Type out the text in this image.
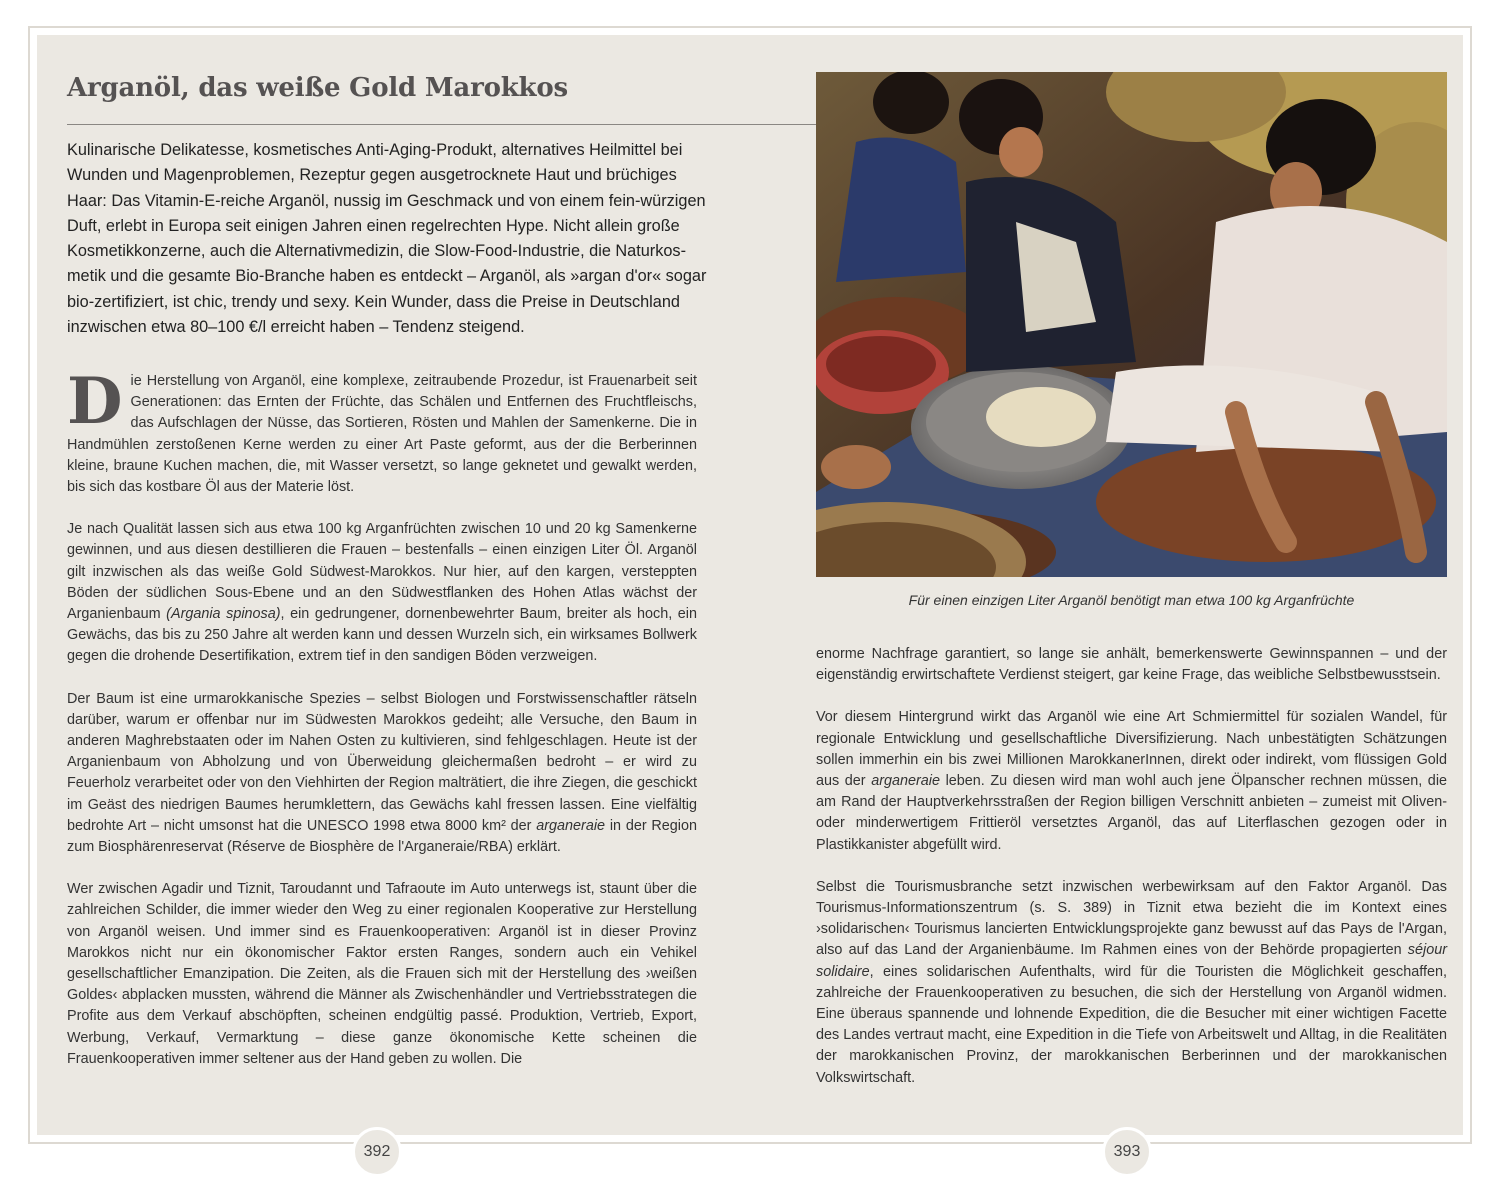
Arganöl, das weiße Gold Marokkos
Kulinarische Delikatesse, kosmetisches Anti-Aging-Produkt, alternatives Heilmittel bei Wunden und Magenproblemen, Rezeptur gegen ausgetrocknete Haut und brüchiges Haar: Das Vitamin-E-reiche Arganöl, nussig im Geschmack und von einem fein-würzigen Duft, erlebt in Europa seit einigen Jahren einen regelrechten Hype. Nicht allein große Kosmetikkonzerne, auch die Alternativmedizin, die Slow-Food-Industrie, die Naturkosmetik und die gesamte Bio-Branche haben es entdeckt – Arganöl, als »argan d'or« sogar bio-zertifiziert, ist chic, trendy und sexy. Kein Wunder, dass die Preise in Deutschland inzwischen etwa 80–100 €/l erreicht haben – Tendenz steigend.

Die Herstellung von Arganöl, eine komplexe, zeitraubende Prozedur, ist Frauenarbeit seit Generationen: das Ernten der Früchte, das Schälen und Entfernen des Fruchtfleischs, das Aufschlagen der Nüsse, das Sortieren, Rösten und Mahlen der Samenkerne. Die in Handmühlen zerstoßenen Kerne werden zu einer Art Paste geformt, aus der die Berberinnen kleine, braune Kuchen machen, die, mit Wasser versetzt, so lange geknetet und gewalkt werden, bis sich das kostbare Öl aus der Materie löst.

Je nach Qualität lassen sich aus etwa 100 kg Arganfrüchten zwischen 10 und 20 kg Samenkerne gewinnen, und aus diesen destillieren die Frauen – bestenfalls – einen einzigen Liter Öl. Arganöl gilt inzwischen als das weiße Gold Südwest-Marokkos. Nur hier, auf den kargen, versteppten Böden der südlichen Sous-Ebene und an den Südwestflanken des Hohen Atlas wächst der Arganienbaum (Argania spinosa), ein gedrungener, dornenbewehrter Baum, breiter als hoch, ein Gewächs, das bis zu 250 Jahre alt werden kann und dessen Wurzeln sich, ein wirksames Bollwerk gegen die drohende Desertifikation, extrem tief in den sandigen Böden verzweigen.

Der Baum ist eine urmarokkanische Spezies – selbst Biologen und Forstwissenschaftler rätseln darüber, warum er offenbar nur im Südwesten Marokkos gedeiht; alle Versuche, den Baum in anderen Maghrebstaaten oder im Nahen Osten zu kultivieren, sind fehlgeschlagen. Heute ist der Arganienbaum von Abholzung und von Überweidung gleichermaßen bedroht – er wird zu Feuerholz verarbeitet oder von den Viehhirten der Region malträtiert, die ihre Ziegen, die geschickt im Geäst des niedrigen Baumes herumklettern, das Gewächs kahl fressen lassen. Eine vielfältig bedrohte Art – nicht umsonst hat die UNESCO 1998 etwa 8000 km² der arganeraie in der Region zum Biosphärenreservat (Réserve de Biosphère de l'Arganeraie/RBA) erklärt.

Wer zwischen Agadir und Tiznit, Taroudannt und Tafraoute im Auto unterwegs ist, staunt über die zahlreichen Schilder, die immer wieder den Weg zu einer regionalen Kooperative zur Herstellung von Arganöl weisen. Und immer sind es Frauenkooperativen: Arganöl ist in dieser Provinz Marokkos nicht nur ein ökonomischer Faktor ersten Ranges, sondern auch ein Vehikel gesellschaftlicher Emanzipation. Die Zeiten, als die Frauen sich mit der Herstellung des ›weißen Goldes‹ abplacken mussten, während die Männer als Zwischenhändler und Vertriebsstrategen die Profite aus dem Verkauf abschöpften, scheinen endgültig passé. Produktion, Vertrieb, Export, Werbung, Verkauf, Vermarktung – diese ganze ökonomische Kette scheinen die Frauenkooperativen immer seltener aus der Hand geben zu wollen. Die

Für einen einzigen Liter Arganöl benötigt man etwa 100 kg Arganfrüchte

enorme Nachfrage garantiert, so lange sie anhält, bemerkenswerte Gewinnspannen – und der eigenständig erwirtschaftete Verdienst steigert, gar keine Frage, das weibliche Selbstbewusstsein.

Vor diesem Hintergrund wirkt das Arganöl wie eine Art Schmiermittel für sozialen Wandel, für regionale Entwicklung und gesellschaftliche Diversifizierung. Nach unbestätigten Schätzungen sollen immerhin ein bis zwei Millionen MarokkanerInnen, direkt oder indirekt, vom flüssigen Gold aus der arganeraie leben. Zu diesen wird man wohl auch jene Ölpanscher rechnen müssen, die am Rand der Hauptverkehrsstraßen der Region billigen Verschnitt anbieten – zumeist mit Oliven- oder minderwertigem Frittieröl versetztes Arganöl, das auf Literflaschen gezogen oder in Plastikkanister abgefüllt wird.

Selbst die Tourismusbranche setzt inzwischen werbewirksam auf den Faktor Arganöl. Das Tourismus-Informationszentrum (s. S. 389) in Tiznit etwa bezieht die im Kontext eines ›solidarischen‹ Tourismus lancierten Entwicklungsprojekte ganz bewusst auf das Pays de l'Argan, also auf das Land der Arganienbäume. Im Rahmen eines von der Behörde propagierten séjour solidaire, eines solidarischen Aufenthalts, wird für die Touristen die Möglichkeit geschaffen, zahlreiche der Frauenkooperativen zu besuchen, die sich der Herstellung von Arganöl widmen. Eine überaus spannende und lohnende Expedition, die die Besucher mit einer wichtigen Facette des Landes vertraut macht, eine Expedition in die Tiefe von Arbeitswelt und Alltag, in die Realitäten der marokkanischen Provinz, der marokkanischen Berberinnen und der marokkanischen Volkswirtschaft.

392	393
